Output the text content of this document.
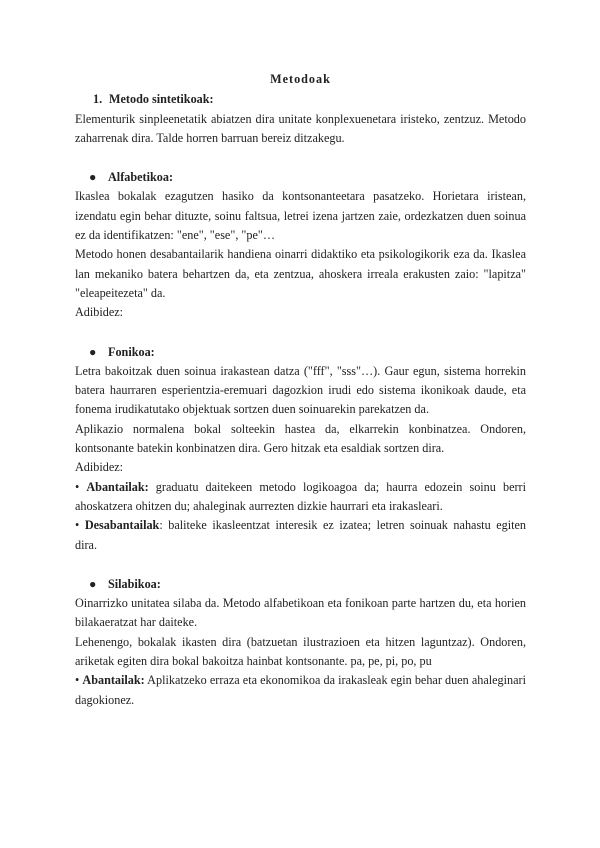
Metodoak

1. Metodo sintetikoak:

Elementurik sinpleenetatik abiatzen dira unitate konplexuenetara iristeko, zentzuz. Metodo zaharrenak dira. Talde horren barruan bereiz ditzakegu.

● Alfabetikoa:

Ikaslea bokalak ezagutzen hasiko da kontsonanteetara pasatzeko. Horietara iristean, izendatu egin behar dituzte, soinu faltsua, letrei izena jartzen zaie, ordezkatzen duen soinua ez da identifikatzen: "ene", "ese", "pe"…

Metodo honen desabantailarik handiena oinarri didaktiko eta psikologikorik eza da. Ikaslea lan mekaniko batera behartzen da, eta zentzua, ahoskera irreala erakusten zaio: "lapitza" "eleapeitezeta" da.

Adibidez:

● Fonikoa:

Letra bakoitzak duen soinua irakastean datza ("fff", "sss"…). Gaur egun, sistema horrekin batera haurraren esperientzia-eremuari dagozkion irudi edo sistema ikonikoak daude, eta fonema irudikatutako objektuak sortzen duen soinuarekin parekatzen da.

Aplikazio normalena bokal solteekin hastea da, elkarrekin konbinatzea. Ondoren, kontsonante batekin konbinatzen dira. Gero hitzak eta esaldiak sortzen dira.

Adibidez:

• Abantailak: graduatu daitekeen metodo logikoagoa da; haurra edozein soinu berri ahoskatzera ohitzen du; ahaleginak aurrezten dizkie haurrari eta irakasleari.

• Desabantailak: baliteke ikasleentzat interesik ez izatea; letren soinuak nahastu egiten dira.

● Silabikoa:

Oinarrizko unitatea silaba da. Metodo alfabetikoan eta fonikoan parte hartzen du, eta horien bilakaeratzat har daiteke.

Lehenengo, bokalak ikasten dira (batzuetan ilustrazioen eta hitzen laguntzaz). Ondoren, ariketak egiten dira bokal bakoitza hainbat kontsonante. pa, pe, pi, po, pu

• Abantailak: Aplikatzeko erraza eta ekonomikoa da irakasleak egin behar duen ahaleginari dagokionez.
